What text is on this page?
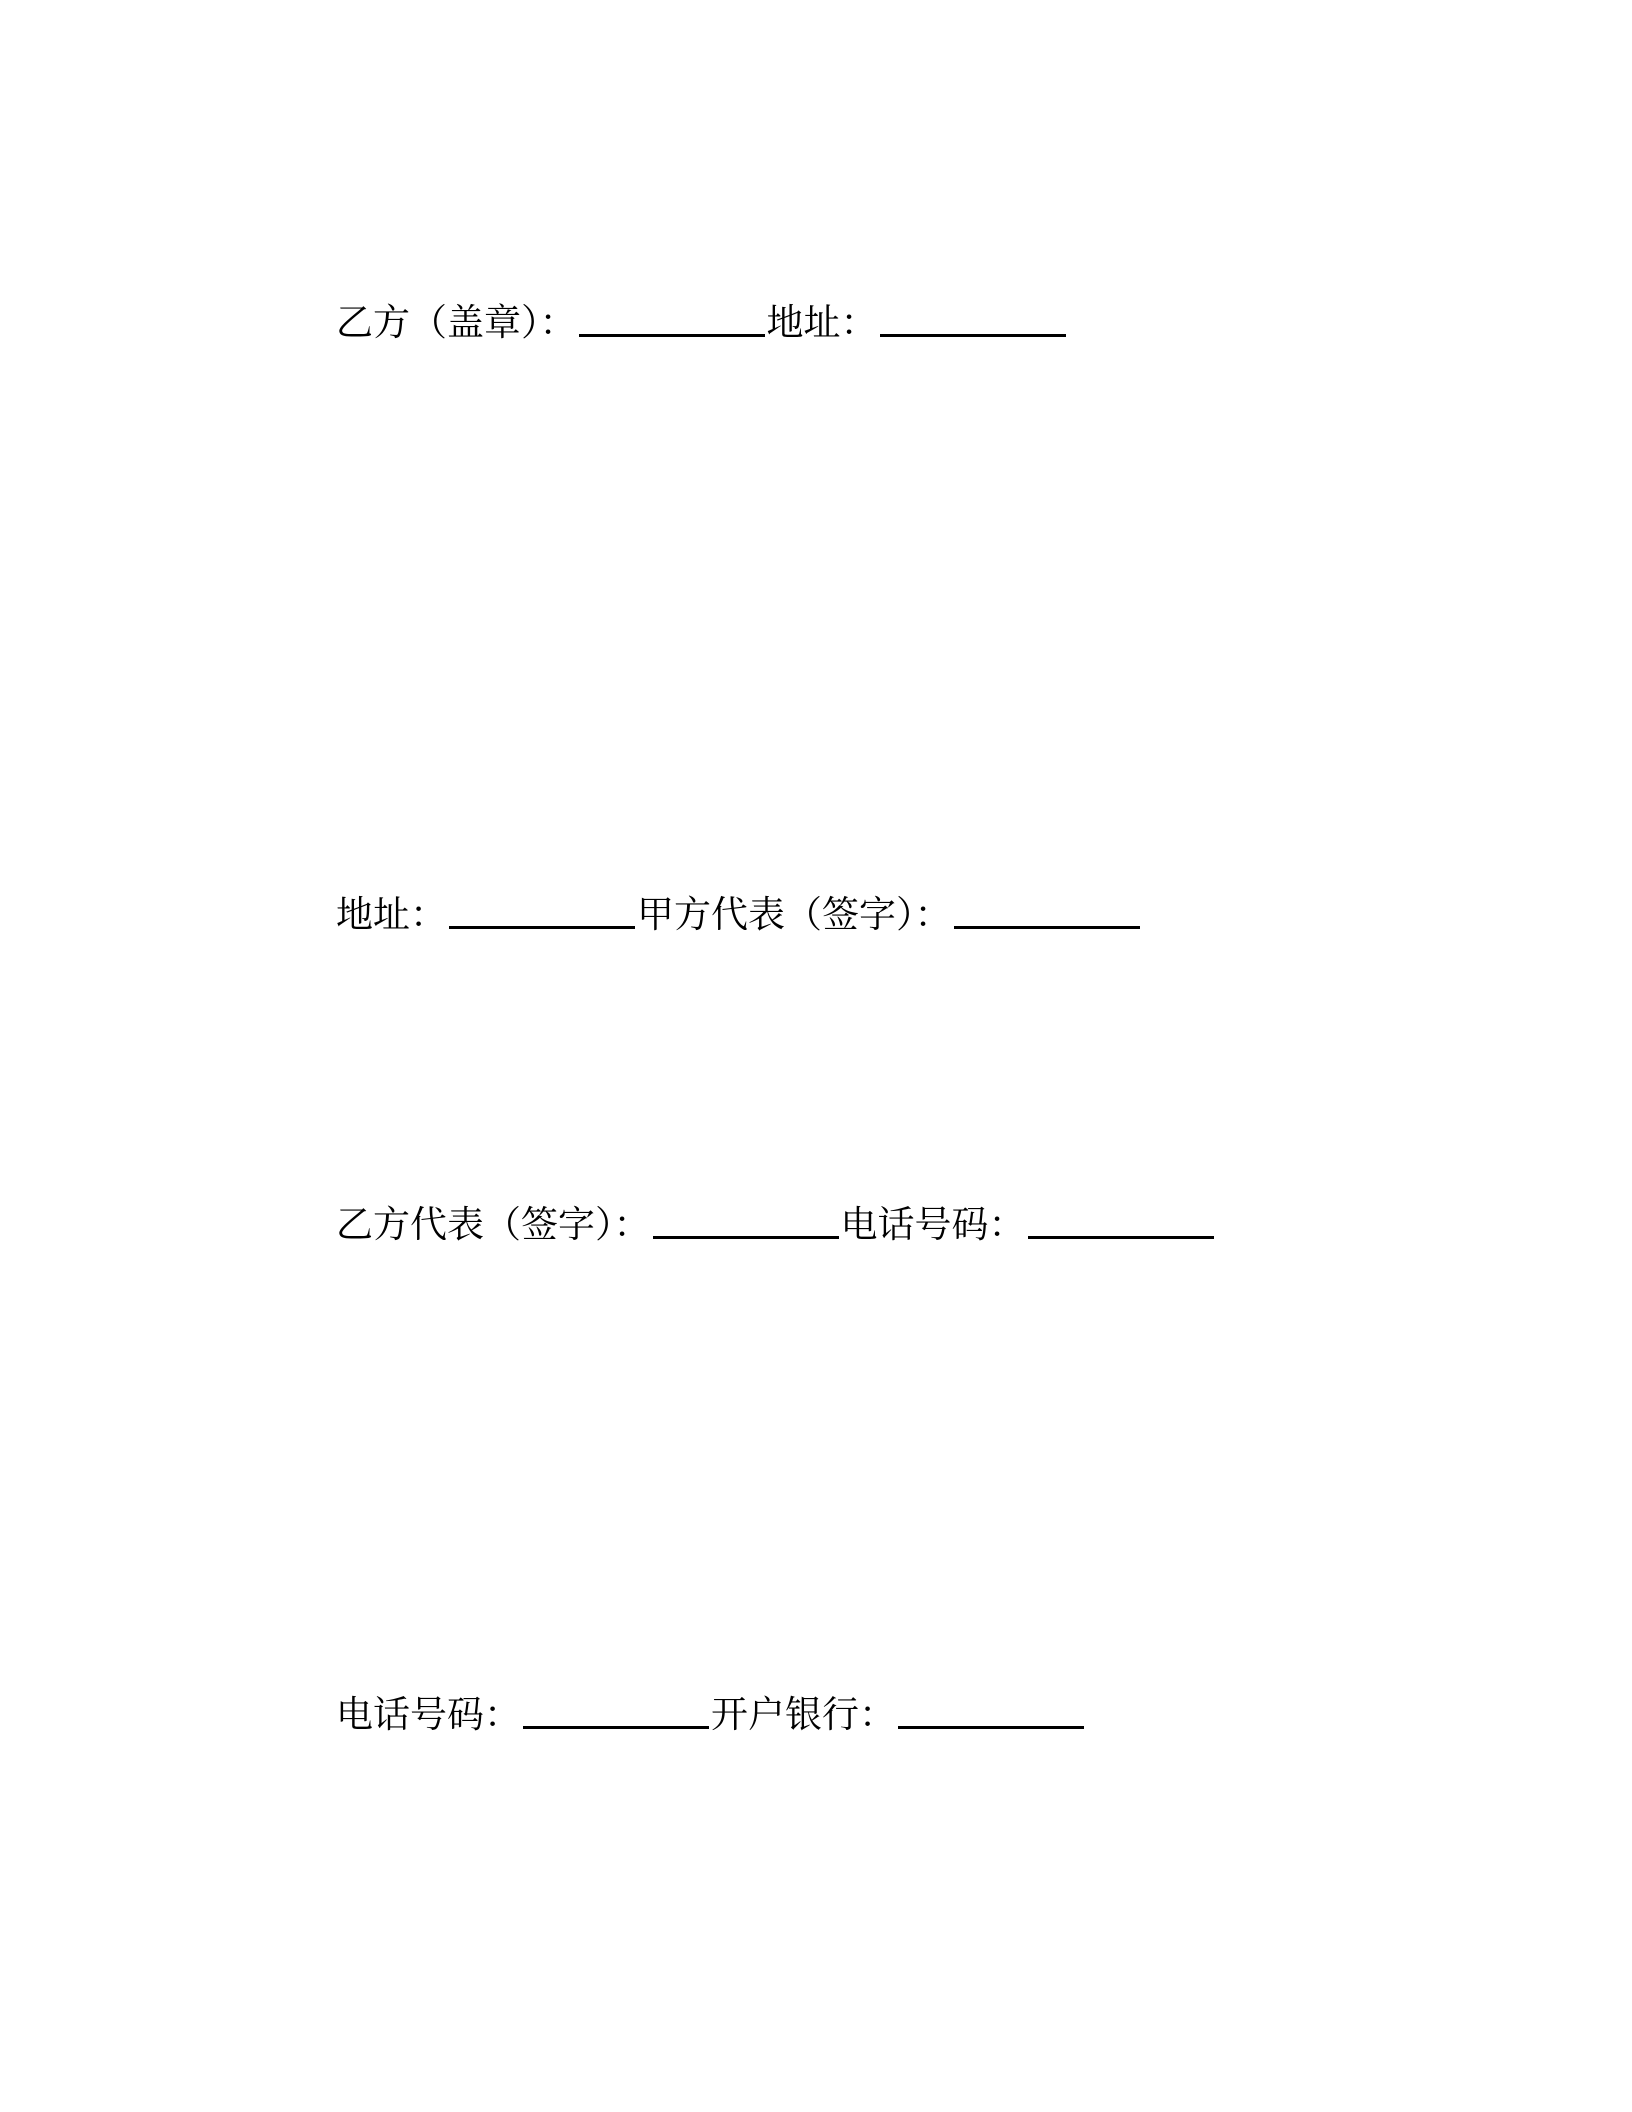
乙方（盖章）：	地址：
地址：	甲方代表（签字）：
乙方代表（签字）：	电话号码：
电话号码：	开户银行：
